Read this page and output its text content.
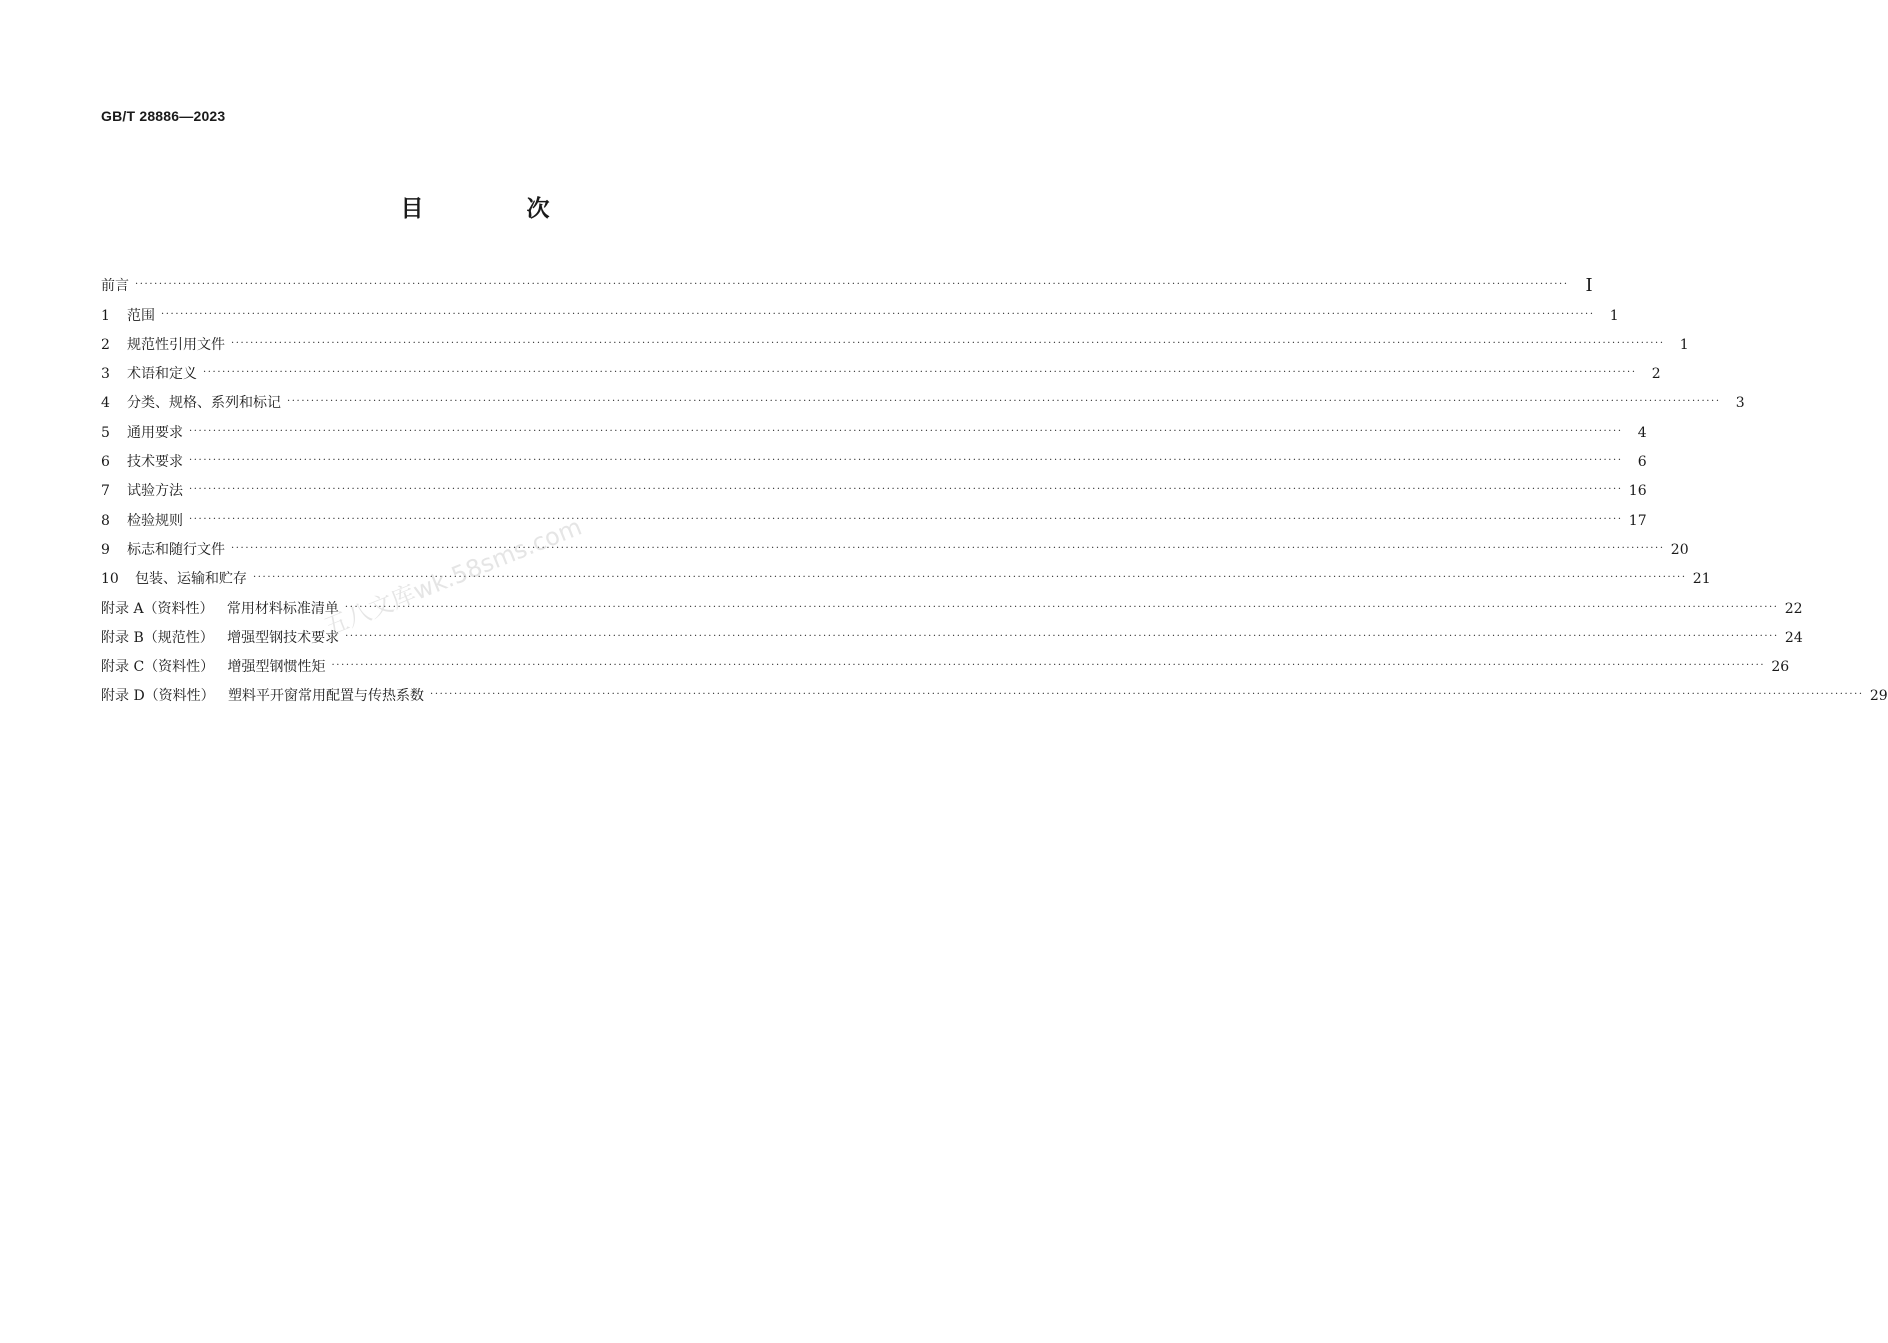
GB/T 28886—2023
目　次
前言 ············································································································································································································································································································ Ⅰ
1 范围 ············································································································································································································································································································	1
2 规范性引用文件 ············································································································································································································································································································	1
3 术语和定义 ············································································································································································································································································································	2
4 分类、规格、系列和标记 ············································································································································································································································································································	3
5 通用要求 ············································································································································································································································································································	4
6 技术要求 ············································································································································································································································································································	6
7 试验方法 ············································································································································································································································································································ 16
8 检验规则 ············································································································································································································································································································ 17
9 标志和随行文件 ············································································································································································································································································································ 20
10 包装、运输和贮存 ············································································································································································································································································································ 21
附录 A（资料性） 常用材料标准清单 ············································································································································································································································································································ 22
附录 B（规范性） 增强型钢技术要求 ············································································································································································································································································································ 24
附录 C（资料性） 增强型钢惯性矩 ············································································································································································································································································································ 26
附录 D（资料性） 塑料平开窗常用配置与传热系数 ············································································································································································································································································································ 29
五八文库wk.58sms.com
